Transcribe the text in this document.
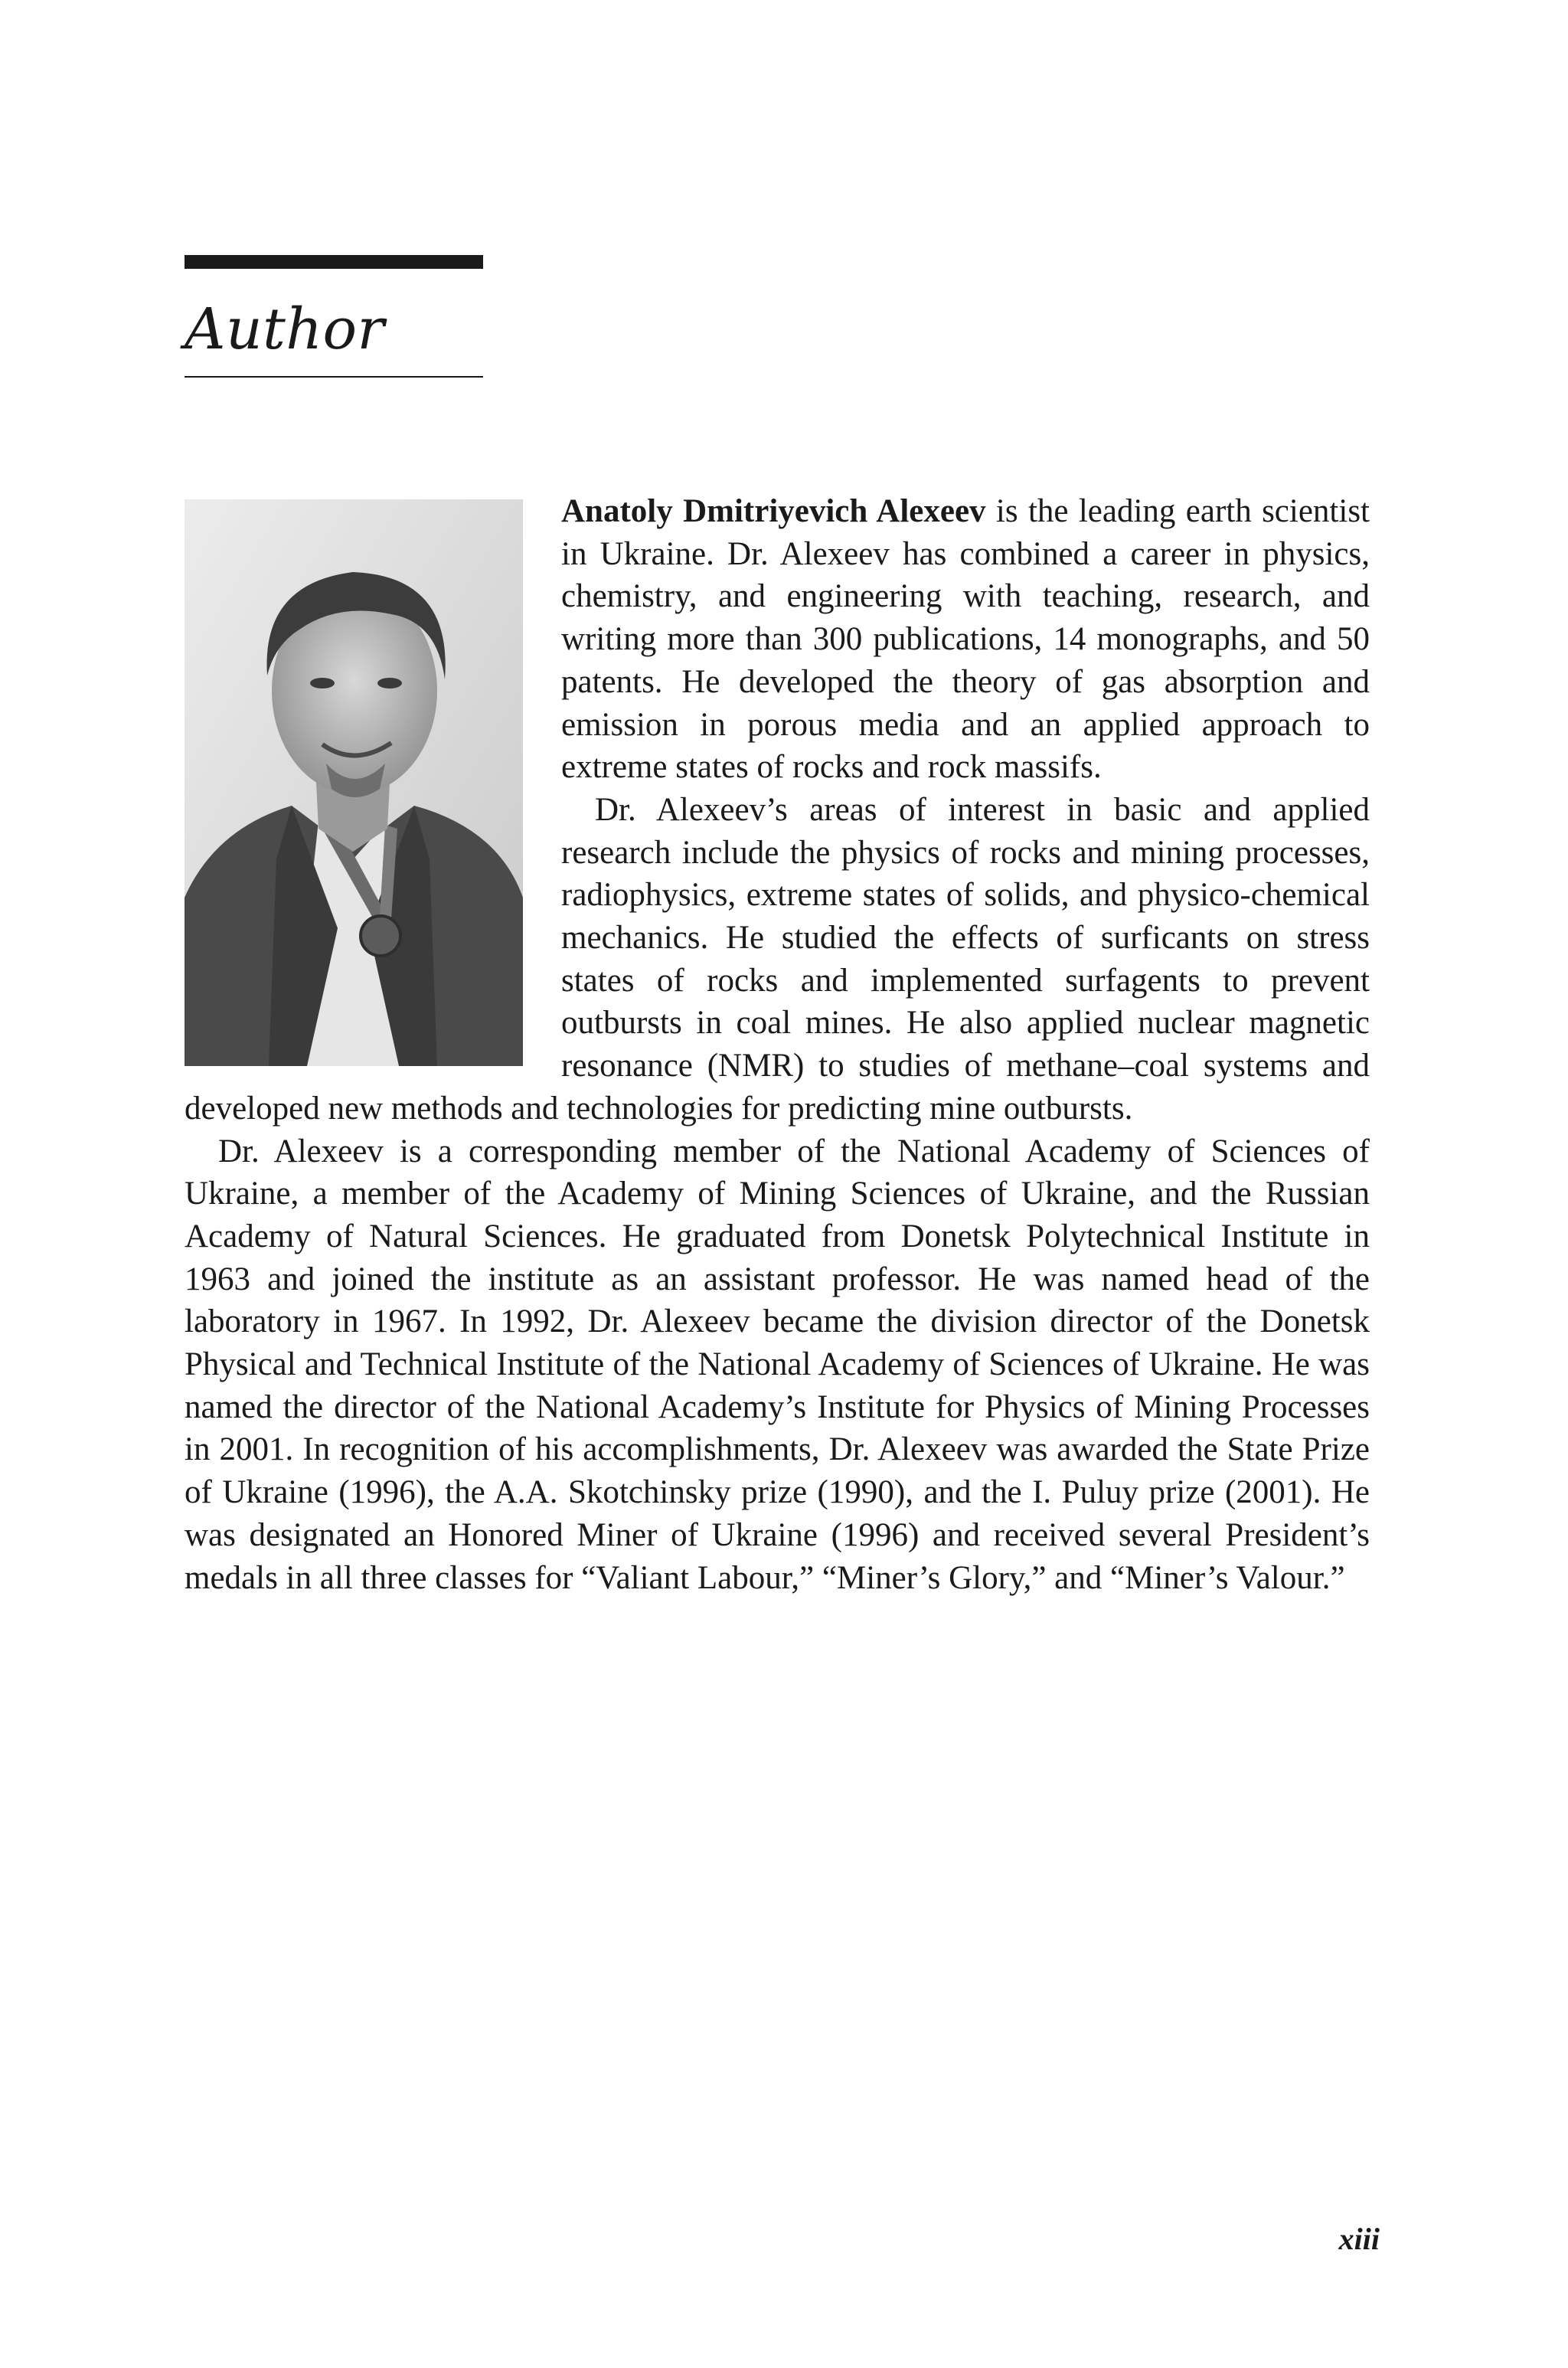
Author

Anatoly Dmitriyevich Alexeev is the leading earth scientist in Ukraine. Dr. Alexeev has combined a career in physics, chemistry, and engineering with teaching, research, and writing more than 300 publications, 14 monographs, and 50 patents. He developed the theory of gas absorption and emission in porous media and an applied approach to extreme states of rocks and rock massifs.

Dr. Alexeev’s areas of interest in basic and applied research include the physics of rocks and mining processes, radiophysics, extreme states of solids, and physico-chemical mechanics. He studied the effects of surficants on stress states of rocks and implemented surfagents to prevent outbursts in coal mines. He also applied nuclear magnetic resonance (NMR) to studies of methane–coal systems and developed new methods and technologies for predicting mine outbursts.

Dr. Alexeev is a corresponding member of the National Academy of Sciences of Ukraine, a member of the Academy of Mining Sciences of Ukraine, and the Russian Academy of Natural Sciences. He graduated from Donetsk Polytechnical Institute in 1963 and joined the institute as an assistant professor. He was named head of the laboratory in 1967. In 1992, Dr. Alexeev became the division director of the Donetsk Physical and Technical Institute of the National Academy of Sciences of Ukraine. He was named the director of the National Academy’s Institute for Physics of Mining Processes in 2001. In recognition of his accomplishments, Dr. Alexeev was awarded the State Prize of Ukraine (1996), the A.A. Skotchinsky prize (1990), and the I. Puluy prize (2001). He was designated an Honored Miner of Ukraine (1996) and received several President’s medals in all three classes for “Valiant Labour,” “Miner’s Glory,” and “Miner’s Valour.”

xiii
